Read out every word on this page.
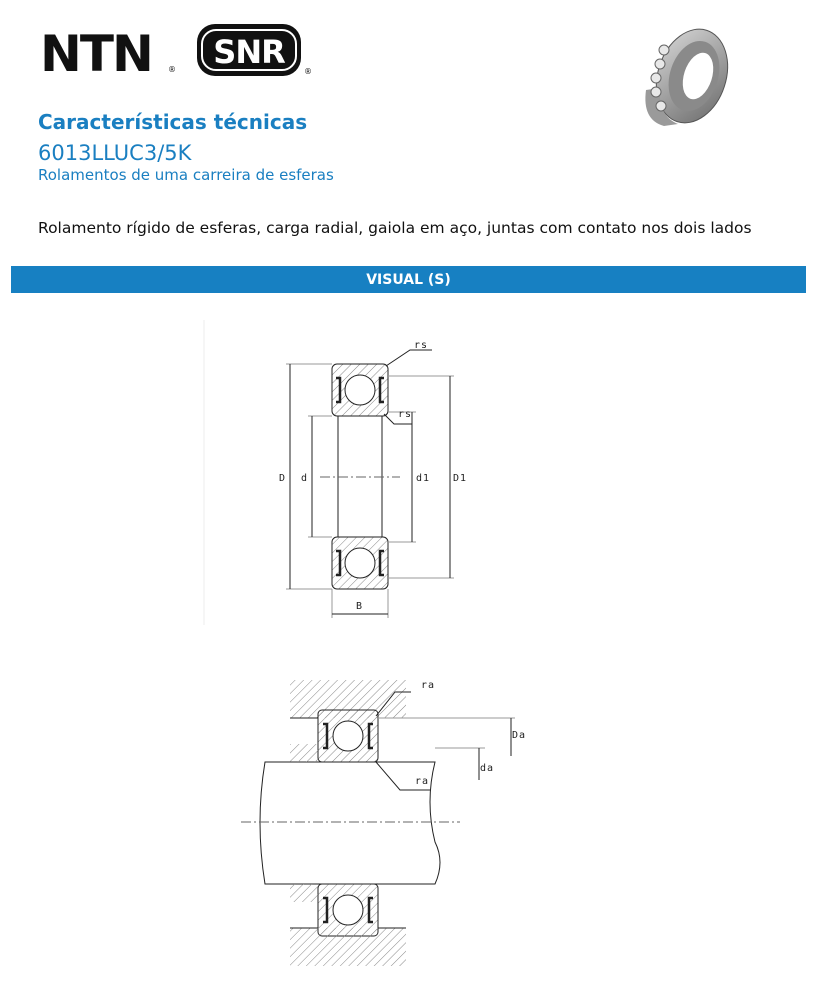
NTN ® SNR
®
Características técnicas
6013LLUC3/5K
Rolamentos de uma carreira de esferas
Rolamento rígido de esferas, carga radial, gaiola em aço, juntas com contato nos dois lados
VISUAL (S)
rs
rs
D d	d1 D1
B
ra
ra
Da
da
